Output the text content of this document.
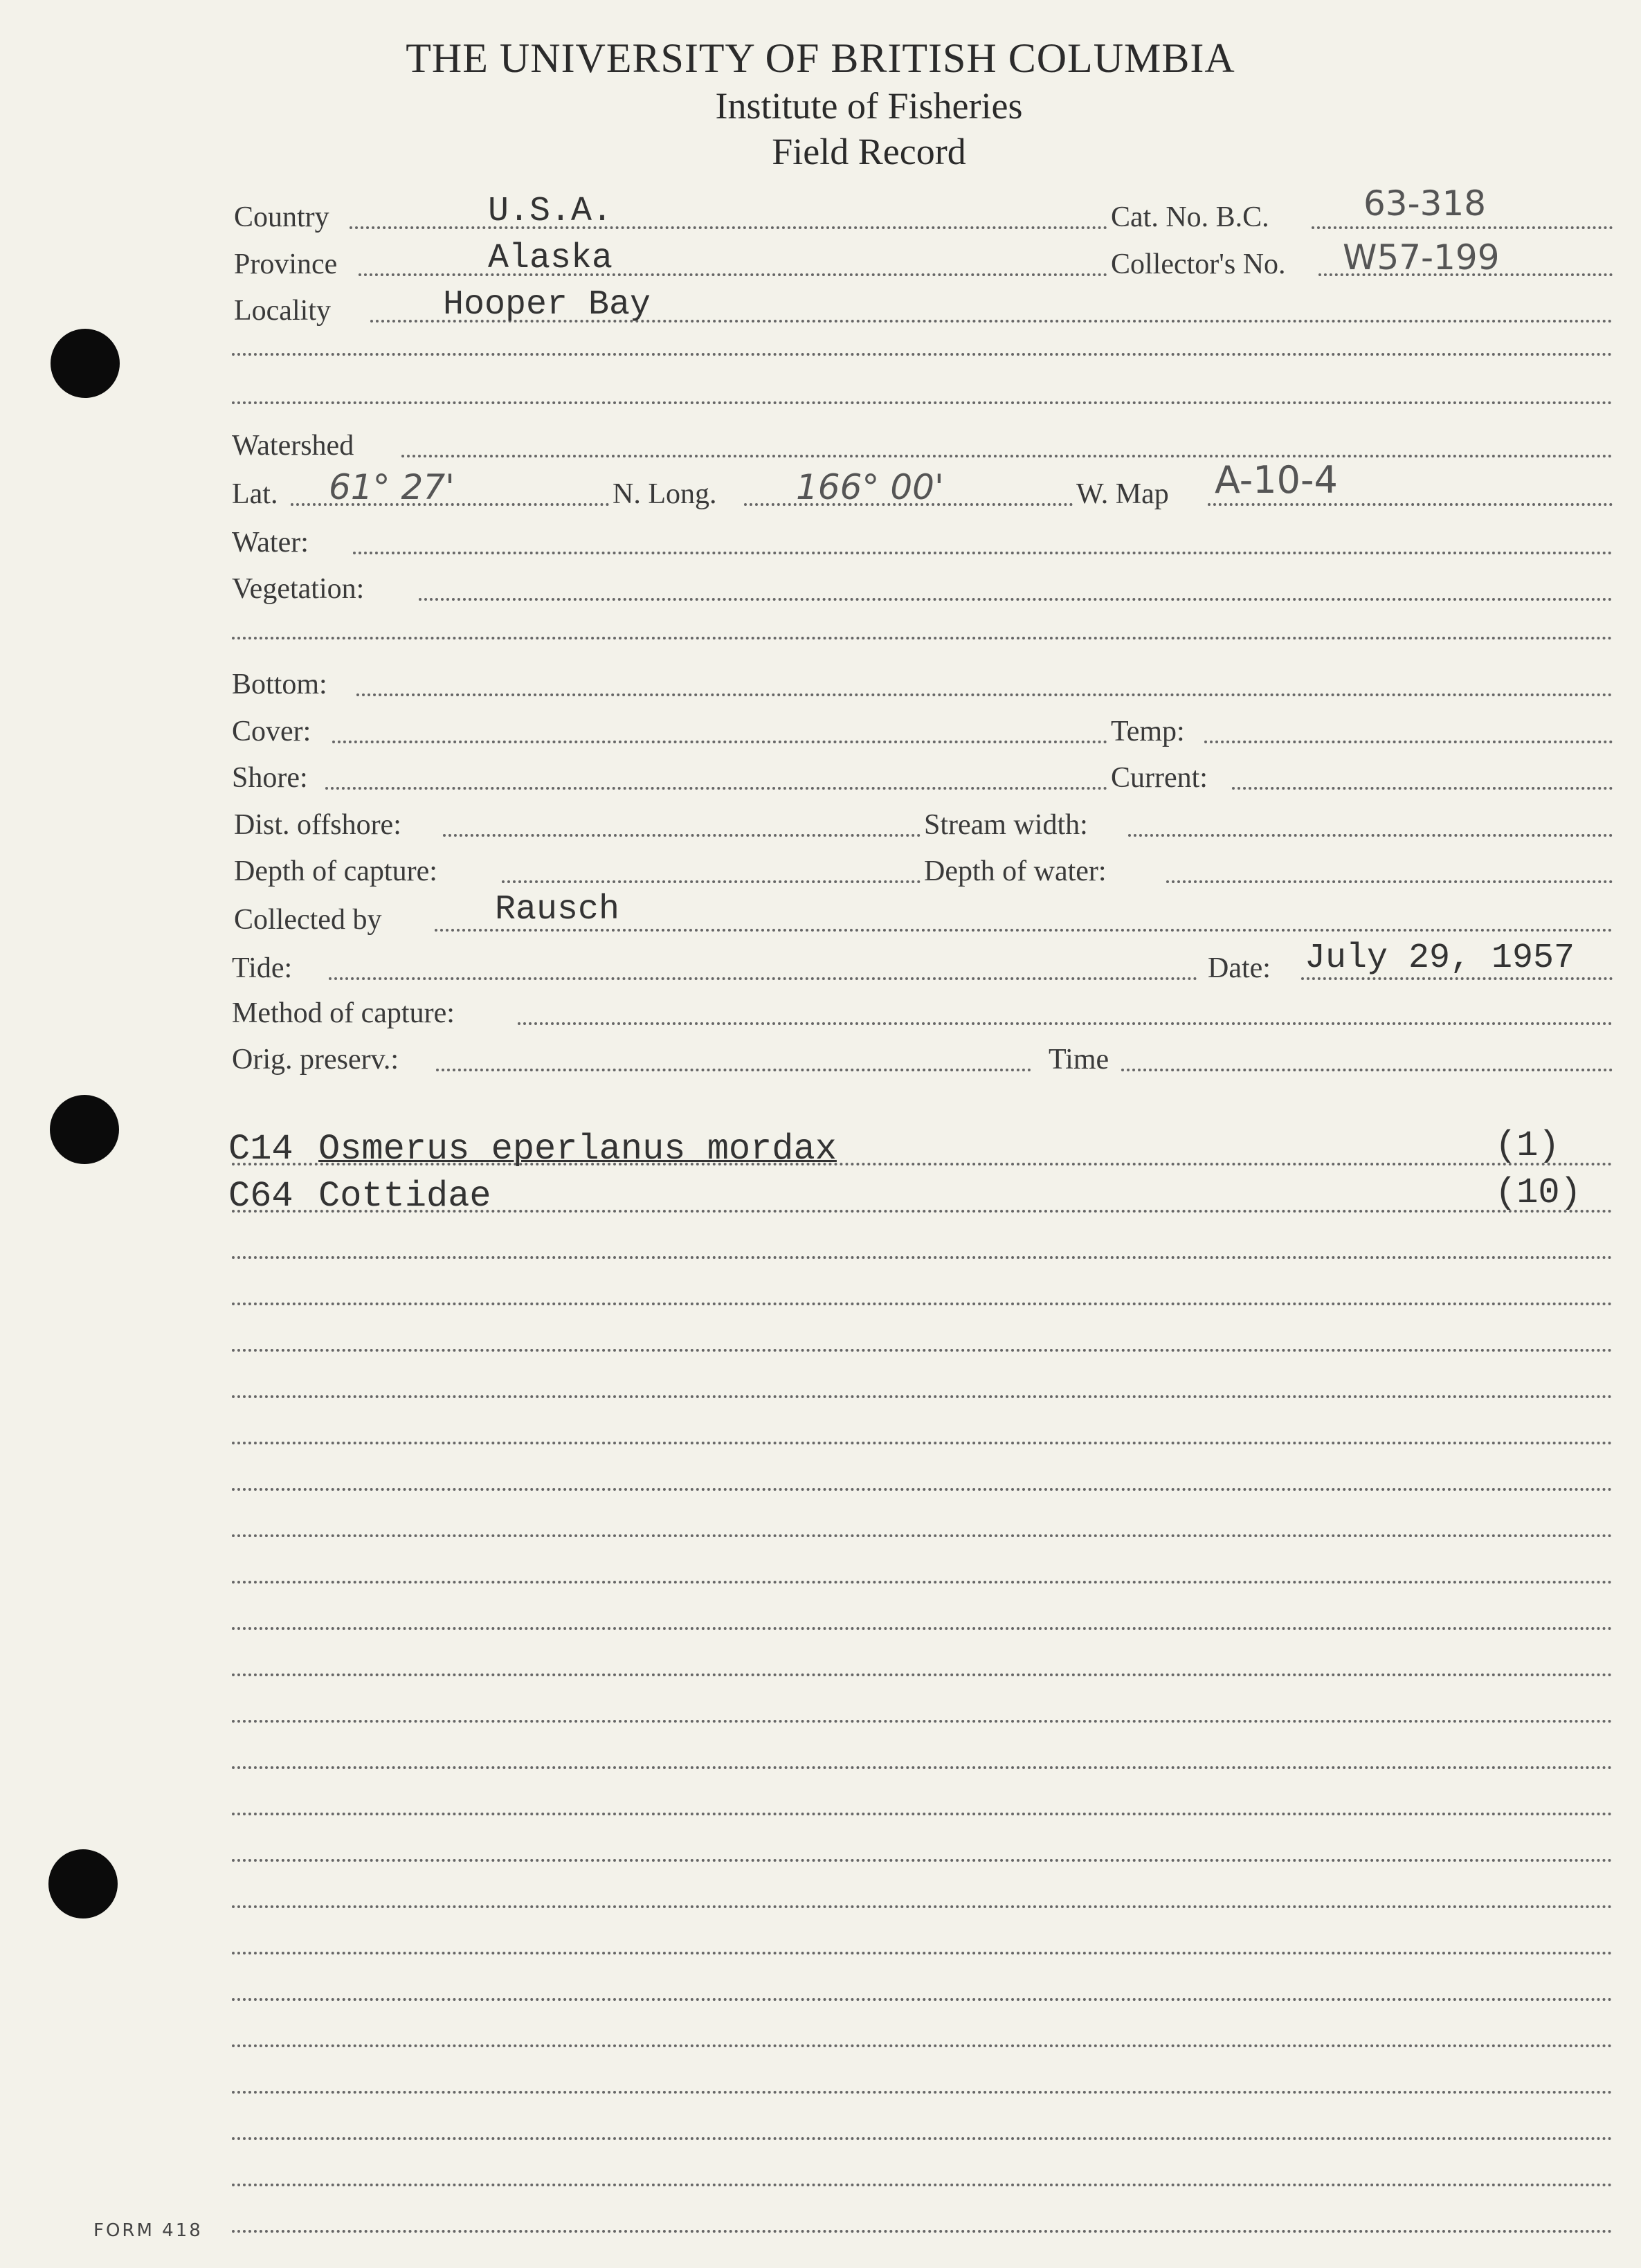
THE UNIVERSITY OF BRITISH COLUMBIA
Institute of Fisheries
Field Record
Country	U.S.A.	Cat. No. B.C.	63-318
Province	Alaska	Collector's No. W57-199
Locality	Hooper Bay
Watershed
Lat. 61° 27'	N. Long. 166° 00'	W. Map A-10-4
Water:
Vegetation:
Bottom:
Cover:	Temp:
Shore:	Current:
Dist. offshore:	Stream width:
Depth of capture:	Depth of water:
Collected by	Rausch
Tide:	Date: July 29, 1957
Method of capture:
Orig. preserv.:	Time
C14 Osmerus eperlanus mordax	(1)
C64 Cottidae	(10)
FORM 418
